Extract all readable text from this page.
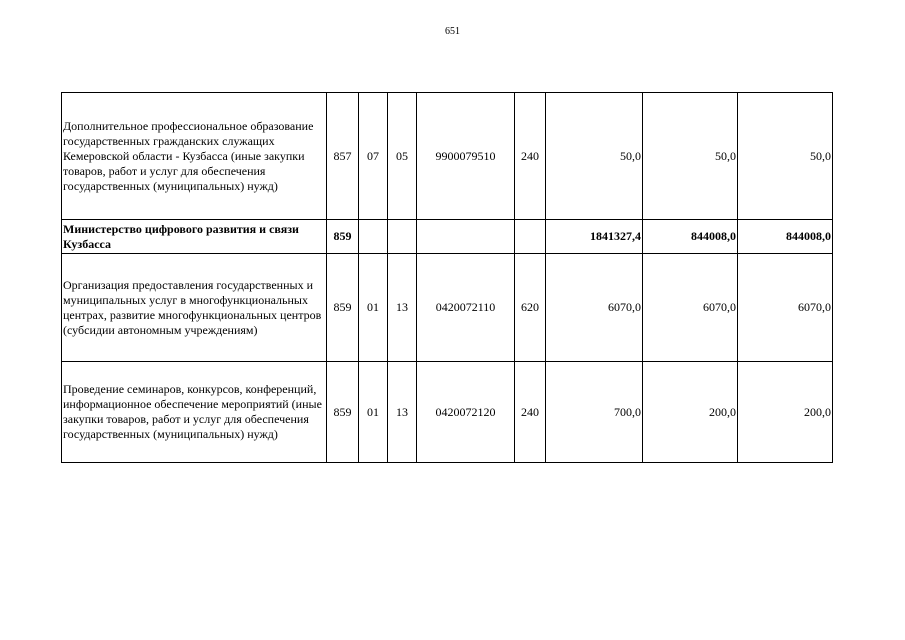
651
Дополнительное профессиональное образование государственных гражданских служащих Кемеровской области - Кузбасса (иные закупки товаров, работ и услуг для обеспечения государственных (муниципальных) нужд)	857	07	05	9900079510	240	50,0	50,0	50,0
Министерство цифрового развития и связи Кузбасса	859					1841327,4	844008,0	844008,0
Организация предоставления государственных и муниципальных услуг в многофункциональных центрах, развитие многофункциональных центров (субсидии автономным учреждениям)	859	01	13	0420072110	620	6070,0	6070,0	6070,0
Проведение семинаров, конкурсов, конференций, информационное обеспечение мероприятий (иные закупки товаров, работ и услуг для обеспечения государственных (муниципальных) нужд)	859	01	13	0420072120	240	700,0	200,0	200,0
